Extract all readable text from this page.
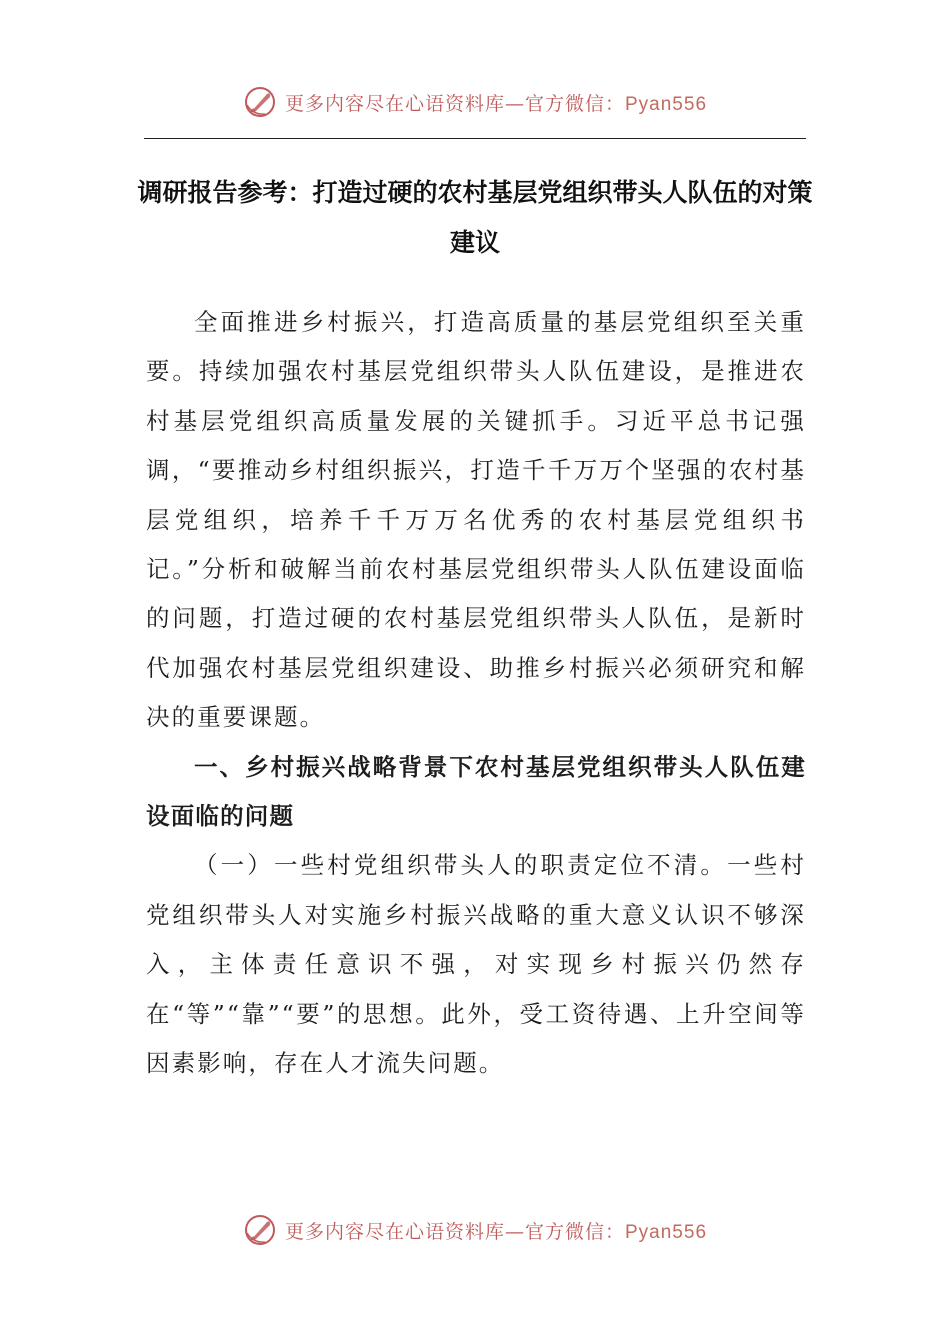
更多内容尽在心语资料库—官方微信：Pyan556
调研报告参考：打造过硬的农村基层党组织带头人队伍的对策建议

全面推进乡村振兴，打造高质量的基层党组织至关重要。持续加强农村基层党组织带头人队伍建设，是推进农村基层党组织高质量发展的关键抓手。习近平总书记强调，“要推动乡村组织振兴，打造千千万万个坚强的农村基层党组织，培养千千万万名优秀的农村基层党组织书记。”分析和破解当前农村基层党组织带头人队伍建设面临的问题，打造过硬的农村基层党组织带头人队伍，是新时代加强农村基层党组织建设、助推乡村振兴必须研究和解决的重要课题。

一、乡村振兴战略背景下农村基层党组织带头人队伍建设面临的问题

（一）一些村党组织带头人的职责定位不清。一些村党组织带头人对实施乡村振兴战略的重大意义认识不够深入，主体责任意识不强，对实现乡村振兴仍然存在“等”“靠”“要”的思想。此外，受工资待遇、上升空间等因素影响，存在人才流失问题。

更多内容尽在心语资料库—官方微信：Pyan556
